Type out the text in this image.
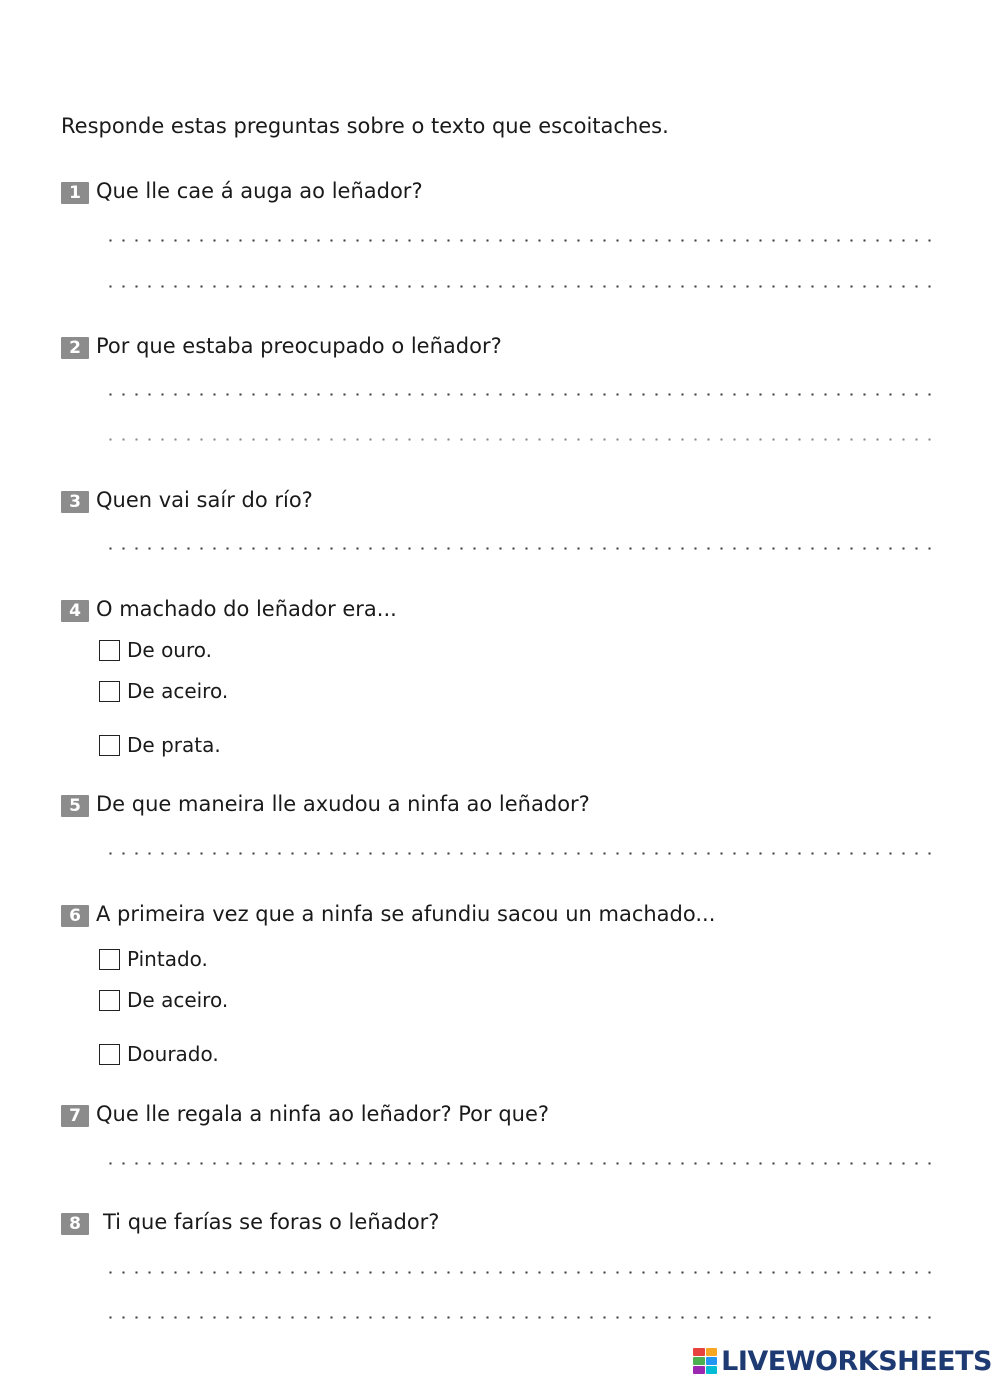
Responde estas preguntas sobre o texto que escoitaches.
1 Que lle cae á auga ao leñador?
2 Por que estaba preocupado o leñador?
3 Quen vai saír do río?
4 O machado do leñador era...
De ouro.
De aceiro.
De prata.
5 De que maneira lle axudou a ninfa ao leñador?
6 A primeira vez que a ninfa se afundiu sacou un machado...
Pintado.
De aceiro.
Dourado.
7 Que lle regala a ninfa ao leñador? Por que?
8	Ti que farías se foras o leñador?
LIVEWORKSHEETS
